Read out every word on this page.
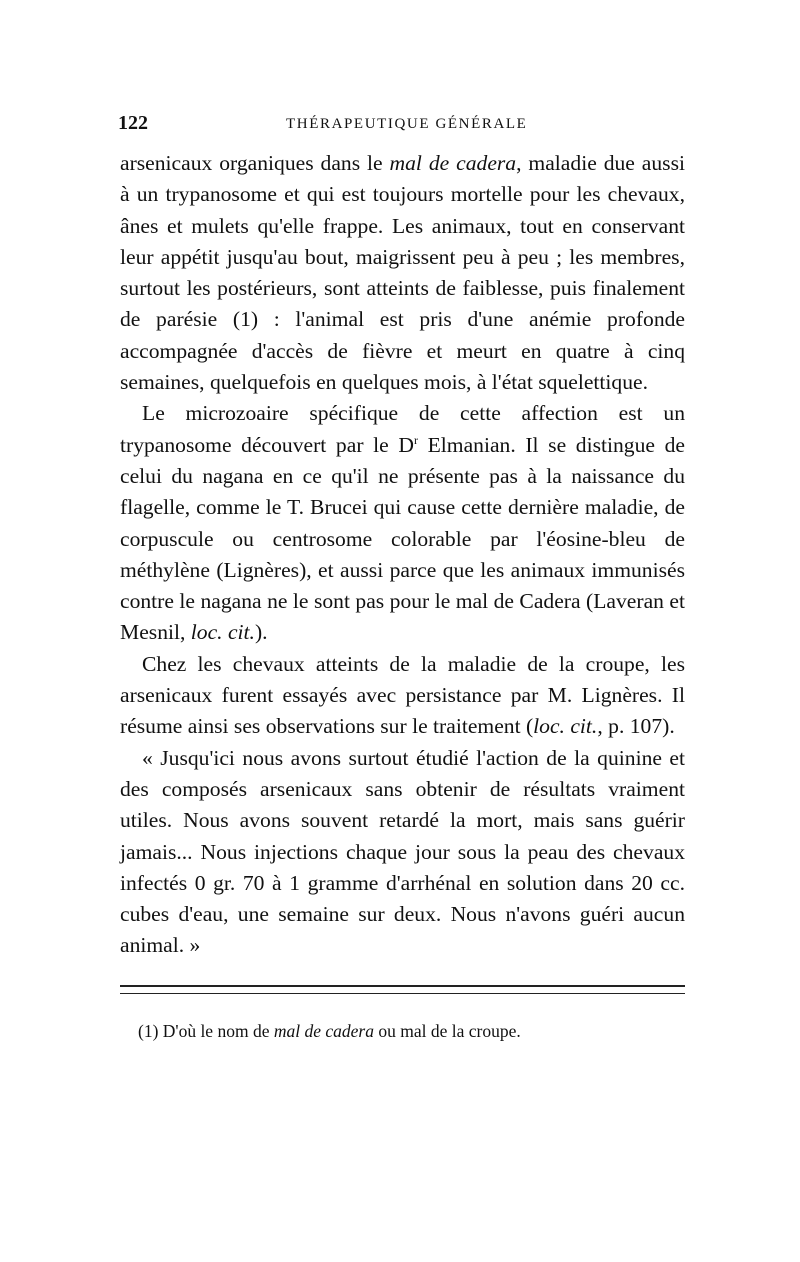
122	THÉRAPEUTIQUE GÉNÉRALE

arsenicaux organiques dans le mal de cadera, maladie due aussi à un trypanosome et qui est toujours mortelle pour les chevaux, ânes et mulets qu'elle frappe. Les animaux, tout en conservant leur appétit jusqu'au bout, maigrissent peu à peu ; les membres, surtout les postérieurs, sont atteints de faiblesse, puis finalement de parésie (1) : l'animal est pris d'une anémie profonde accompagnée d'accès de fièvre et meurt en quatre à cinq semaines, quelquefois en quelques mois, à l'état squelettique.

Le microzoaire spécifique de cette affection est un trypanosome découvert par le $D^r$ Elmanian. Il se distingue de celui du nagana en ce qu'il ne présente pas à la naissance du flagelle, comme le T. Brucei qui cause cette dernière maladie, de corpuscule ou centrosome colorable par l'éosine-bleu de méthylène (Lignères), et aussi parce que les animaux immunisés contre le nagana ne le sont pas pour le mal de Cadera (Laveran et Mesnil, loc. cit.).

Chez les chevaux atteints de la maladie de la croupe, les arsenicaux furent essayés avec persistance par M. Lignères. Il résume ainsi ses observations sur le traitement (loc. cit., p. 107).

« Jusqu'ici nous avons surtout étudié l'action de la quinine et des composés arsenicaux sans obtenir de résultats vraiment utiles. Nous avons souvent retardé la mort, mais sans guérir jamais... Nous injections chaque jour sous la peau des chevaux infectés 0 gr. 70 à 1 gramme d'arrhénal en solution dans 20 cc. cubes d'eau, une semaine sur deux. Nous n'avons guéri aucun animal. »

(1) D'où le nom de mal de cadera ou mal de la croupe.
